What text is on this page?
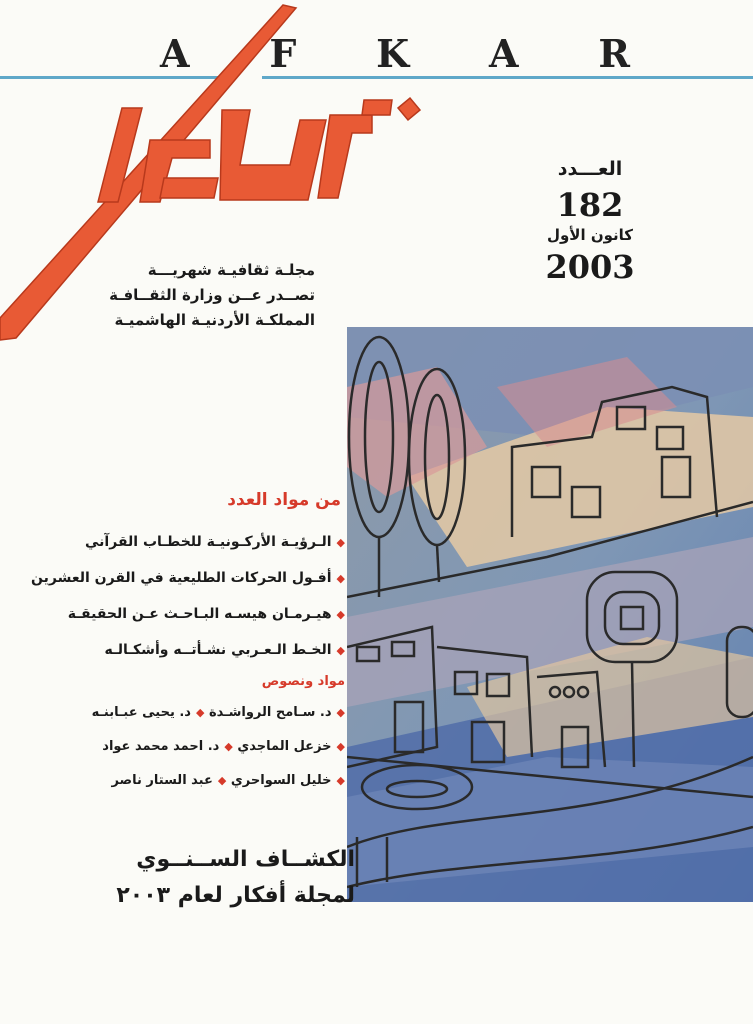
A F K A R
العـــدد
182
كانون الأول
2003
مجلـة ثقافيـة شهريـــة
تصــدر عــن وزارة الثقــافـة
المملكـة الأردنيـة الهاشميـة
من مواد العدد
◆الـرؤيـة الأركـونيـة للخطـاب القرآني
◆أفـول الحركات الطليعية في القرن العشرين
◆هيـرمـان هيسـه البـاحـث عـن الحقيقـة
◆الخـط الـعـربي نشـأتــه وأشكـالـه
مواد ونصوص
◆د. سـامح الرواشـدة ◆د. يحيى عبـابنـه
◆خزعل الماجدي ◆د. احمد محمد عواد
◆خليل السواحري ◆عبد الستار ناصر
الكشــاف الســنــوي
لمجلة أفكار لعام ٢٠٠٣
